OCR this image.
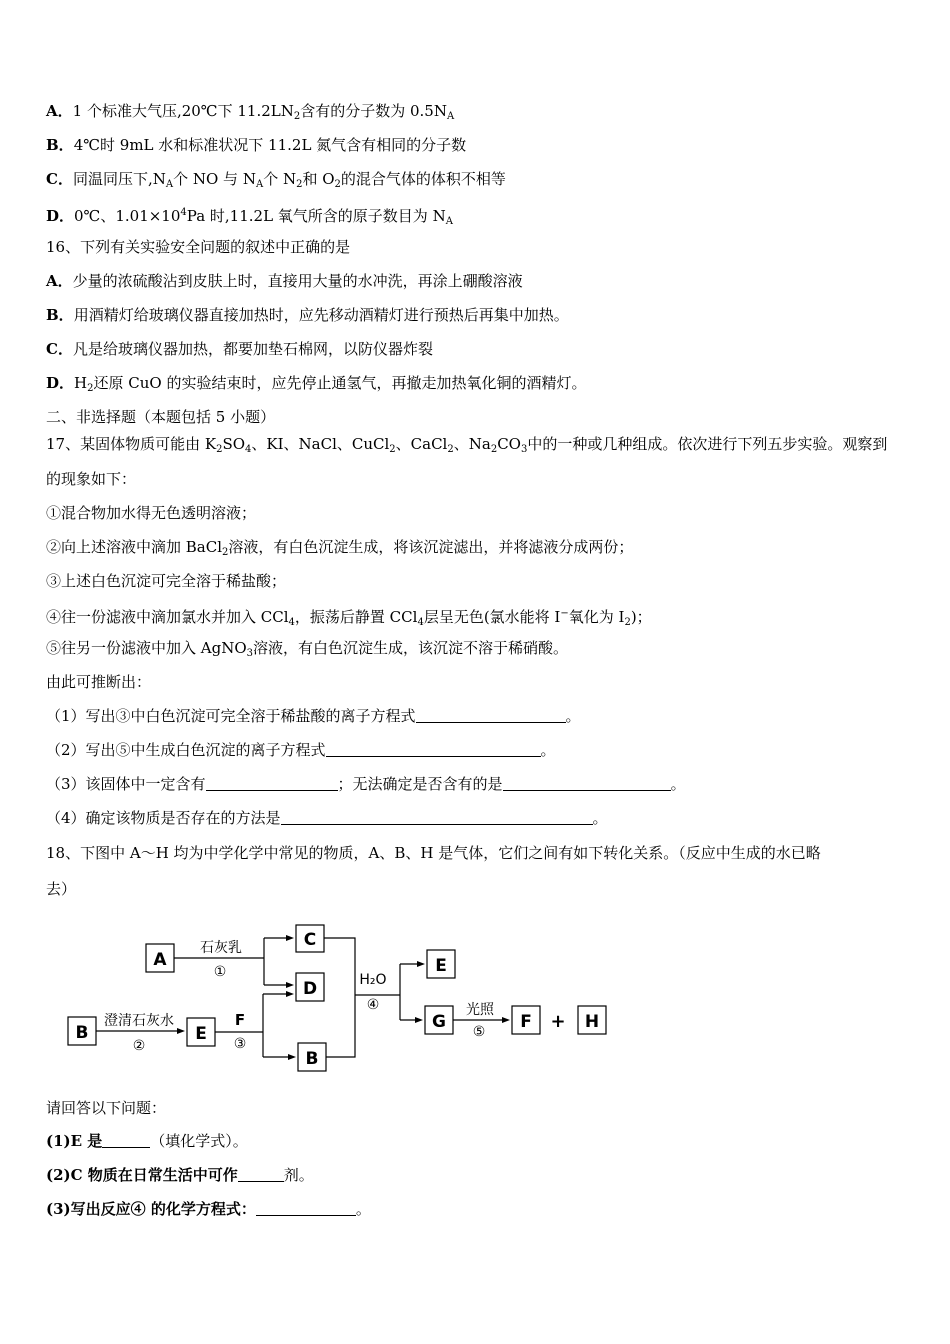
A．1 个标准大气压,20℃下 $11.2LN_2$含有的分子数为 $0.5N_A$
B．4℃时 9mL 水和标准状况下 11.2L 氮气含有相同的分子数
C．同温同压下$,N_A$个 NO 与 $N_A$个 $N_2$和 $O_2$的混合气体的体积不相等
D．0℃、$1.01\times 10^4Pa$ 时,11.2L 氧气所含的原子数目为 $N_A$
16、下列有关实验安全问题的叙述中正确的是
A．少量的浓硫酸沾到皮肤上时，直接用大量的水冲洗，再涂上硼酸溶液
B．用酒精灯给玻璃仪器直接加热时，应先移动酒精灯进行预热后再集中加热。
C．凡是给玻璃仪器加热，都要加垫石棉网，以防仪器炸裂
D．$H_2$还原 CuO 的实验结束时，应先停止通氢气，再撤走加热氧化铜的酒精灯。
二、非选择题（本题包括 5 小题）
17、某固体物质可能由 $K_2SO_4$、KI、NaCl、CuCl$_2$、CaCl$_2$、$Na_2CO_3$中的一种或几种组成。依次进行下列五步实验。观察到
的现象如下：
①混合物加水得无色透明溶液；
②向上述溶液中滴加 BaCl$_2$溶液，有白色沉淀生成，将该沉淀滤出，并将滤液分成两份；
③上述白色沉淀可完全溶于稀盐酸；
④往一份滤液中滴加氯水并加入 CCl$_4$，振荡后静置 CCl$_4$层呈无色(氯水能将 I−氧化为 $I_2$)；
⑤往另一份滤液中加入 AgNO$_3$溶液，有白色沉淀生成，该沉淀不溶于稀硝酸。
由此可推断出：
（1）写出③中白色沉淀可完全溶于稀盐酸的离子方程式	。
（2）写出⑤中生成白色沉淀的离子方程式	。
（3）该固体中一定含有	；无法确定是否含有的是	。
（4）确定该物质是否存在的方法是	。
18、下图中 A～H 均为中学化学中常见的物质，A、B、H 是气体，它们之间有如下转化关系。（反应中生成的水已略
去）
A
B
C
D
E
B
E
G	F	H
石灰乳
①
澄清石灰水
②
F
③
H₂O
④	光照
⑤	+
请回答以下问题：
(1)E 是	（填化学式）。
(2)C 物质在日常生活中可作	剂。
(3)写出反应④ 的化学方程式：	。
